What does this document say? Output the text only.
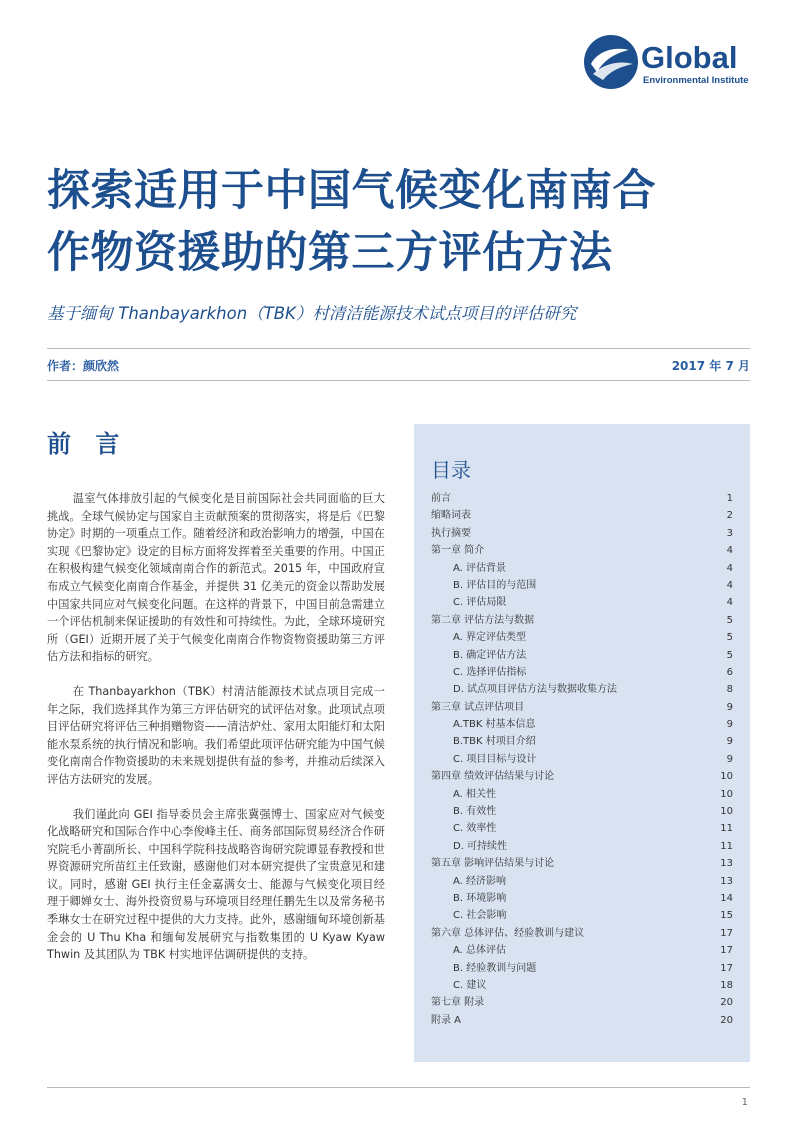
Global
Environmental Institute
探索适用于中国气候变化南南合
作物资援助的第三方评估方法
基于缅甸 Thanbayarkhon（TBK）村清洁能源技术试点项目的评估研究
作者：颜欣然	2017 年 7 月
前 言

温室气体排放引起的气候变化是目前国际社会共同面临的巨大挑战。全球气候协定与国家自主贡献预案的贯彻落实，将是后《巴黎协定》时期的一项重点工作。随着经济和政治影响力的增强，中国在实现《巴黎协定》设定的目标方面将发挥着至关重要的作用。中国正在积极构建气候变化领域南南合作的新范式。2015 年，中国政府宣布成立气候变化南南合作基金，并提供 31 亿美元的资金以帮助发展中国家共同应对气候变化问题。在这样的背景下，中国目前急需建立一个评估机制来保证援助的有效性和可持续性。为此，全球环境研究所（GEI）近期开展了关于气候变化南南合作物资物资援助第三方评估方法和指标的研究。

在 Thanbayarkhon（TBK）村清洁能源技术试点项目完成一年之际，我们选择其作为第三方评估研究的试评估对象。此项试点项目评估研究将评估三种捐赠物资——清洁炉灶、家用太阳能灯和太阳能水泵系统的执行情况和影响。我们希望此项评估研究能为中国气候变化南南合作物资援助的未来规划提供有益的参考，并推动后续深入评估方法研究的发展。

我们谨此向 GEI 指导委员会主席张冀强博士、国家应对气候变化战略研究和国际合作中心李俊峰主任、商务部国际贸易经济合作研究院毛小菁副所长、中国科学院科技战略咨询研究院谭显春教授和世界资源研究所苗红主任致谢，感谢他们对本研究提供了宝贵意见和建议。同时，感谢 GEI 执行主任金嘉满女士、能源与气候变化项目经理于卿婵女士、海外投资贸易与环境项目经理任鹏先生以及常务秘书季琳女士在研究过程中提供的大力支持。此外，感谢缅甸环境创新基金会的 U Thu Kha 和缅甸发展研究与指数集团的 U Kyaw Kyaw Thwin 及其团队为 TBK 村实地评估调研提供的支持。

目录
前言	1
缩略词表	2
执行摘要	3
第一章 简介	4
A. 评估背景	4
B. 评估目的与范围	4
C. 评估局限	4
第二章 评估方法与数据	5
A. 界定评估类型	5
B. 确定评估方法	5
C. 选择评估指标	6
D. 试点项目评估方法与数据收集方法	8
第三章 试点评估项目	9
A.TBK 村基本信息	9
B.TBK 村项目介绍	9
C. 项目目标与设计	9
第四章 绩效评估结果与讨论	10
A. 相关性	10
B. 有效性	10
C. 效率性	11
D. 可持续性	11
第五章 影响评估结果与讨论	13
A. 经济影响	13
B. 环境影响	14
C. 社会影响	15
第六章 总体评估、经验教训与建议	17
A. 总体评估	17
B. 经验教训与问题	17
C. 建议	18
第七章 附录	20
附录 A	20
1
